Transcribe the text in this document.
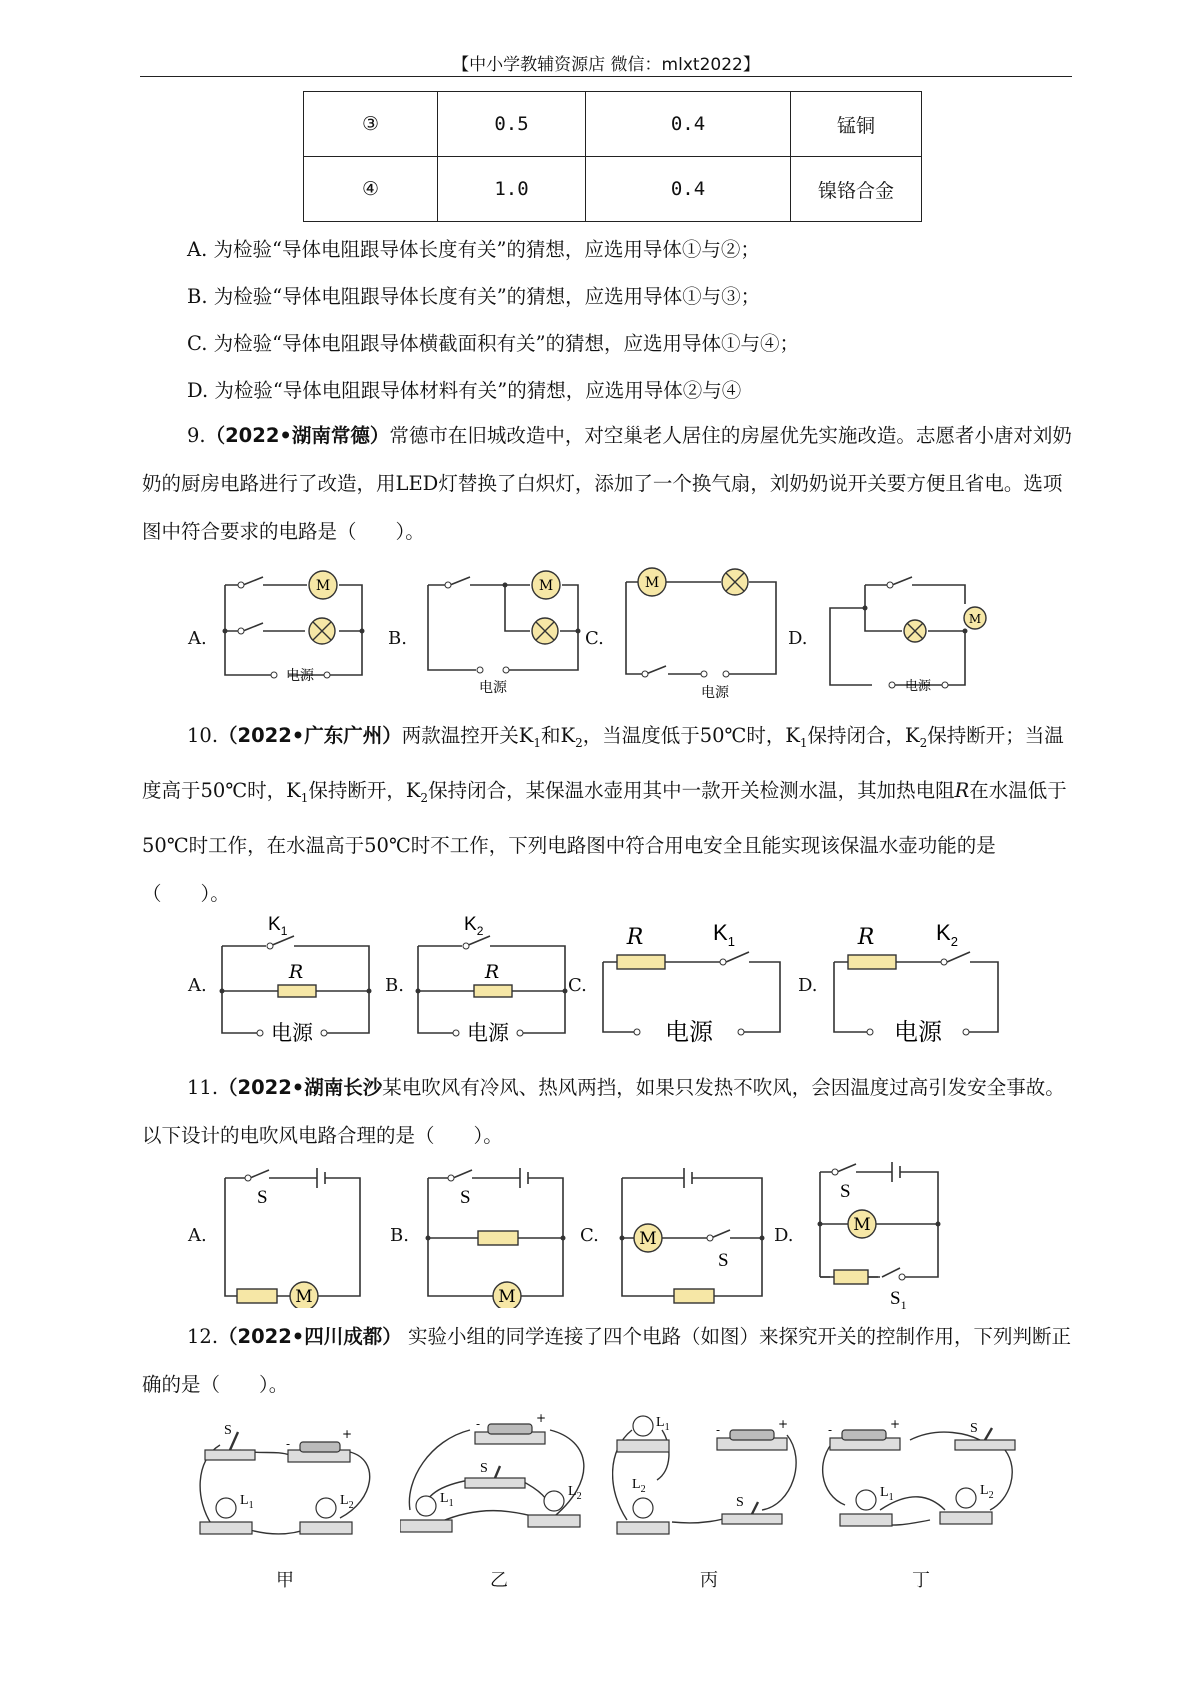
【中小学教辅资源店 微信：mlxt2022】
③	0.5	0.4	锰铜
④	1.0	0.4	镍铬合金
A. 为检验“导体电阻跟导体长度有关”的猜想，应选用导体①与②；
B. 为检验“导体电阻跟导体长度有关”的猜想，应选用导体①与③；
C. 为检验“导体电阻跟导体横截面积有关”的猜想，应选用导体①与④；
D. 为检验“导体电阻跟导体材料有关”的猜想，应选用导体②与④
9.（2022•湖南常德）常德市在旧城改造中，对空巢老人居住的房屋优先实施改造。志愿者小唐对刘奶奶的厨房电路进行了改造，用LED灯替换了白炽灯，添加了一个换气扇，刘奶奶说开关要方便且省电。选项图中符合要求的电路是（　　）。
A.	B.	C.	D.
M
电源
M
电源
M
电源
M
电源
10.（2022•广东广州）两款温控开关$K_1$和$K_2$，当温度低于50℃时，$K_1$保持闭合，$K_2$保持断开；当温度高于50℃时，$K_1$保持断开，$K_2$保持闭合，某保温水壶用其中一款开关检测水温，其加热电阻R在水温低于50℃时工作，在水温高于50℃时不工作，下列电路图中符合用电安全且能实现该保温水壶功能的是（　　）。
A.	B.	C.	D.
$K_1$
R
电源
$K_2$
R
电源
R	$K_1$
电源
R	$K_2$
电源
11.（2022•湖南长沙某电吹风有冷风、热风两挡，如果只发热不吹风，会因温度过高引发安全事故。以下设计的电吹风电路合理的是（　　）。
A.	B.	C.	D.
S
M
S
M
M
S
S
M
$S_1$
12.（2022•四川成都） 实验小组的同学连接了四个电路（如图）来探究开关的控制作用，下列判断正确的是（　　）。
S
-
+
$L_1$	$L_2$
-	+
S
$L_1$
$L_2$
$L_1$	-	+
$L_2$
S
-	+	S
$L_1$	$L_2$
甲	乙	丙	丁
